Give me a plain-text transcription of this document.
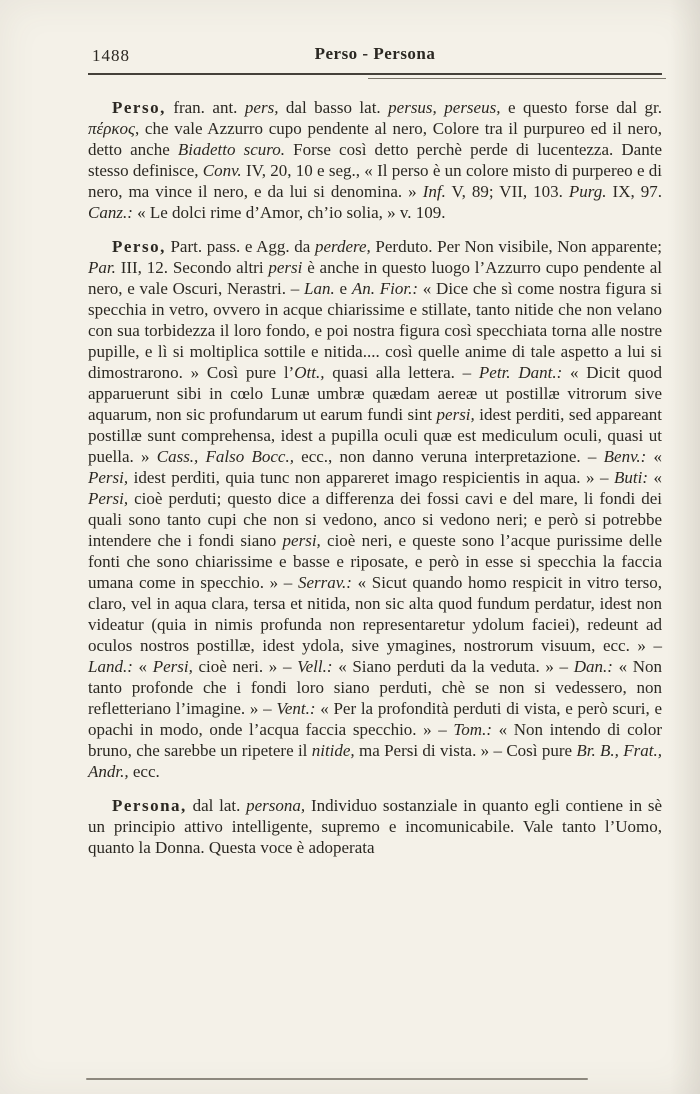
1488	Perso - Persona

Perso, fran. ant. pers, dal basso lat. persus, perseus, e questo forse dal gr. πέρκος, che vale Azzurro cupo pendente al nero, Colore tra il purpureo ed il nero, detto anche Biadetto scuro. Forse così detto perchè perde di lucentezza. Dante stesso definisce, Conv. IV, 20, 10 e seg., « Il perso è un colore misto di purpereo e di nero, ma vince il nero, e da lui si denomina. » Inf. V, 89; VII, 103. Purg. IX, 97. Canz.: « Le dolci rime d’Amor, ch’io solia, » v. 109.

Perso, Part. pass. e Agg. da perdere, Perduto. Per Non visibile, Non apparente; Par. III, 12. Secondo altri persi è anche in questo luogo l’Azzurro cupo pendente al nero, e vale Oscuri, Nerastri. – Lan. e An. Fior.: « Dice che sì come nostra figura si specchia in vetro, ovvero in acque chiarissime e stillate, tanto nitide che non velano con sua torbidezza il loro fondo, e poi nostra figura così specchiata torna alle nostre pupille, e lì si moltiplica sottile e nitida.... così quelle anime di tale aspetto a lui si dimostrarono. » Così pure l’Ott., quasi alla lettera. – Petr. Dant.: « Dicit quod apparuerunt sibi in cœlo Lunæ umbræ quædam aereæ ut postillæ vitrorum sive aquarum, non sic profundarum ut earum fundi sint persi, idest perditi, sed appareant postillæ sunt comprehensa, idest a pupilla oculi quæ est mediculum oculi, quasi ut puella. » Cass., Falso Bocc., ecc., non danno veruna interpretazione. – Benv.: « Persi, idest perditi, quia tunc non appareret imago respicientis in aqua. » – Buti: « Persi, cioè perduti; questo dice a differenza dei fossi cavi e del mare, li fondi dei quali sono tanto cupi che non si vedono, anco si vedono neri; e però si potrebbe intendere che i fondi siano persi, cioè neri, e queste sono l’acque purissime delle fonti che sono chiarissime e basse e riposate, e però in esse si specchia la faccia umana come in specchio. » – Serrav.: « Sicut quando homo respicit in vitro terso, claro, vel in aqua clara, tersa et nitida, non sic alta quod fundum perdatur, idest non videatur (quia in nimis profunda non representaretur ydolum faciei), redeunt ad oculos nostros postillæ, idest ydola, sive ymagines, nostrorum visuum, ecc. » – Land.: « Persi, cioè neri. » – Vell.: « Siano perduti da la veduta. » – Dan.: « Non tanto profonde che i fondi loro siano perduti, chè se non si vedessero, non refletteriano l’imagine. » – Vent.: « Per la profondità perduti di vista, e però scuri, e opachi in modo, onde l’acqua faccia specchio. » – Tom.: « Non intendo di color bruno, che sarebbe un ripetere il nitide, ma Persi di vista. » – Così pure Br. B., Frat., Andr., ecc.

Persona, dal lat. persona, Individuo sostanziale in quanto egli contiene in sè un principio attivo intelligente, supremo e incomunicabile. Vale tanto l’Uomo, quanto la Donna. Questa voce è adoperata
